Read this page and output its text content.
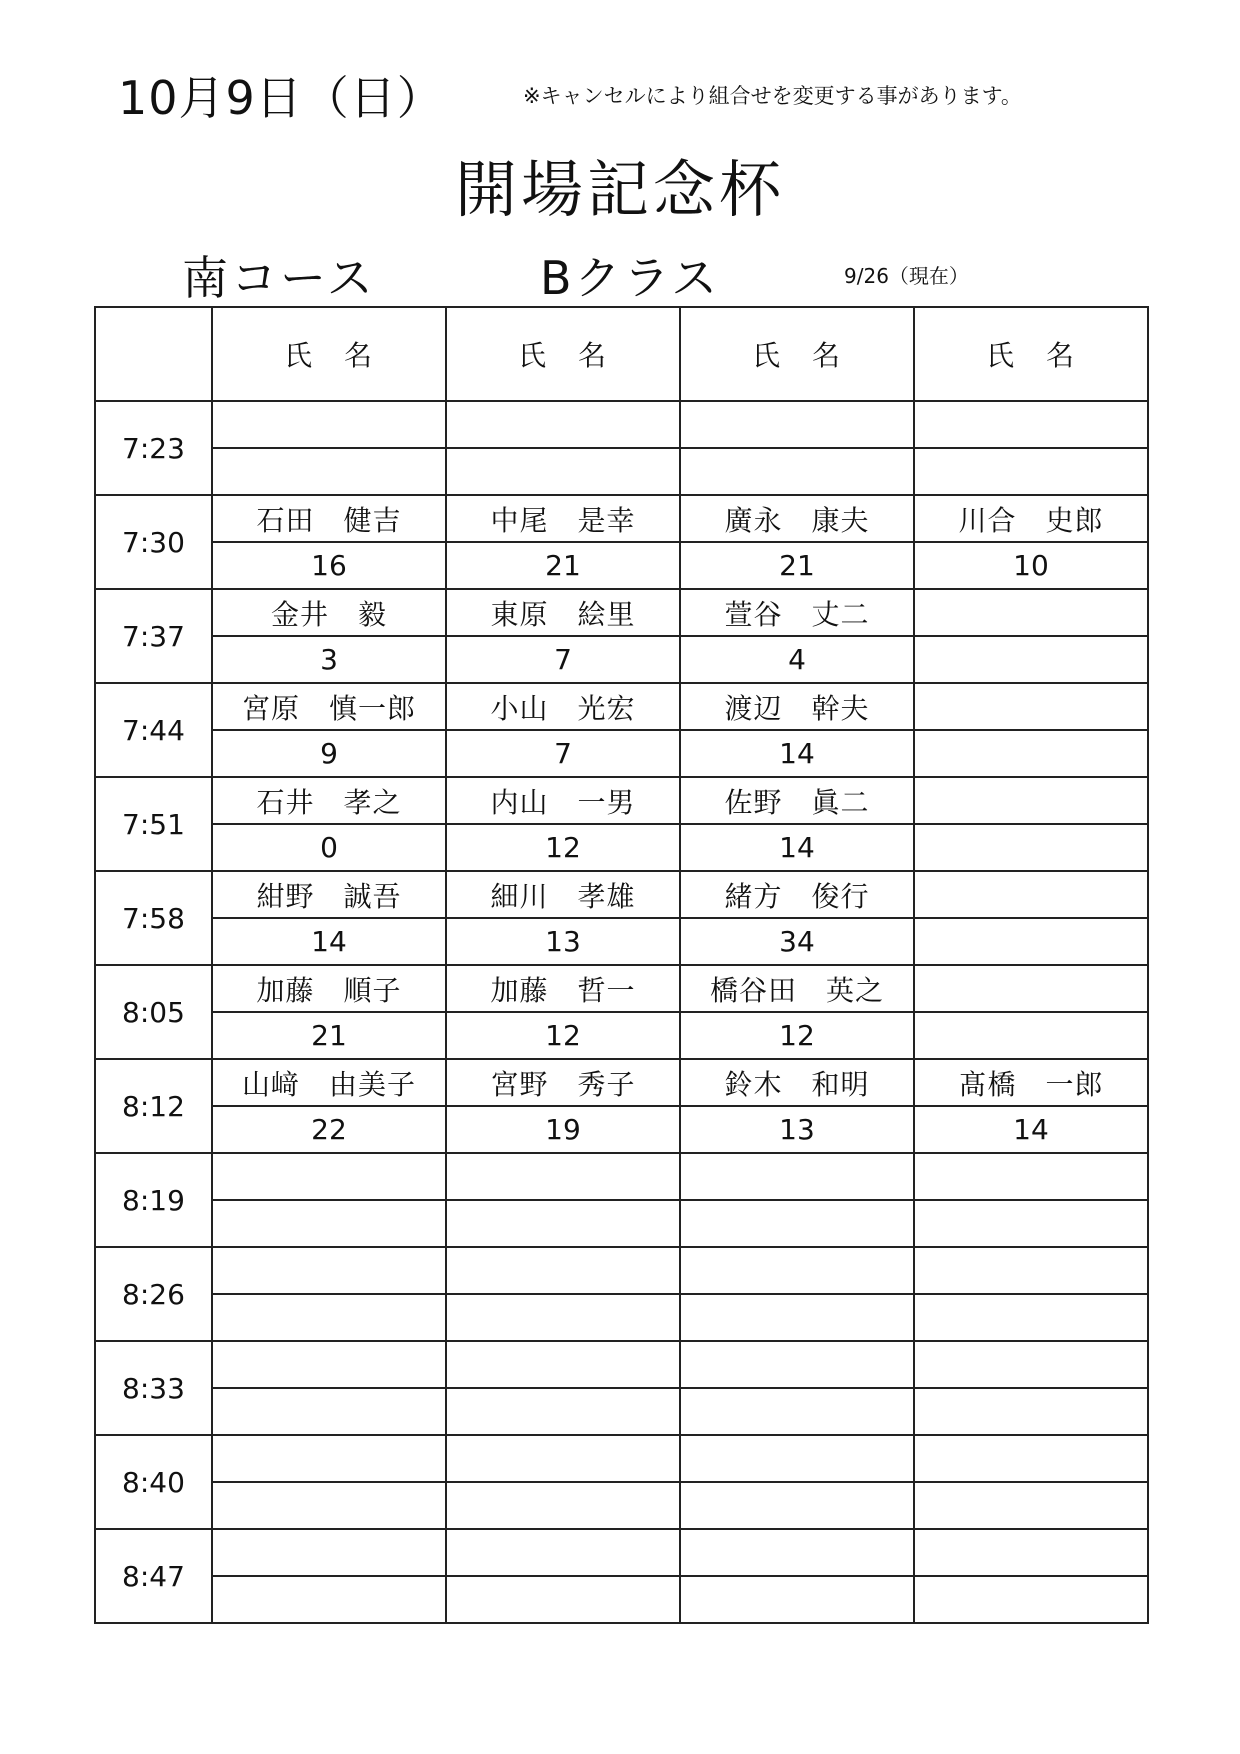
10月9日（日）	※キャンセルにより組合せを変更する事があります。
開場記念杯
南コース	Bクラス	9/26（現在）
	氏　名	氏　名	氏　名	氏　名
7:23				

7:30	石田　健吉	中尾　是幸	廣永　康夫	川合　史郎
	16	21	21	10
7:37	金井　毅	東原　絵里	萱谷　丈二	
	3	7	4	
7:44	宮原　慎一郎	小山　光宏	渡辺　幹夫	
	9	7	14	
7:51	石井　孝之	内山　一男	佐野　眞二	
	0	12	14	
7:58	紺野　誠吾	細川　孝雄	緒方　俊行	
	14	13	34	
8:05	加藤　順子	加藤　哲一	橋谷田　英之	
	21	12	12	
8:12	山﨑　由美子	宮野　秀子	鈴木　和明	髙橋　一郎
	22	19	13	14
8:19				

8:26				

8:33				

8:40				

8:47				
